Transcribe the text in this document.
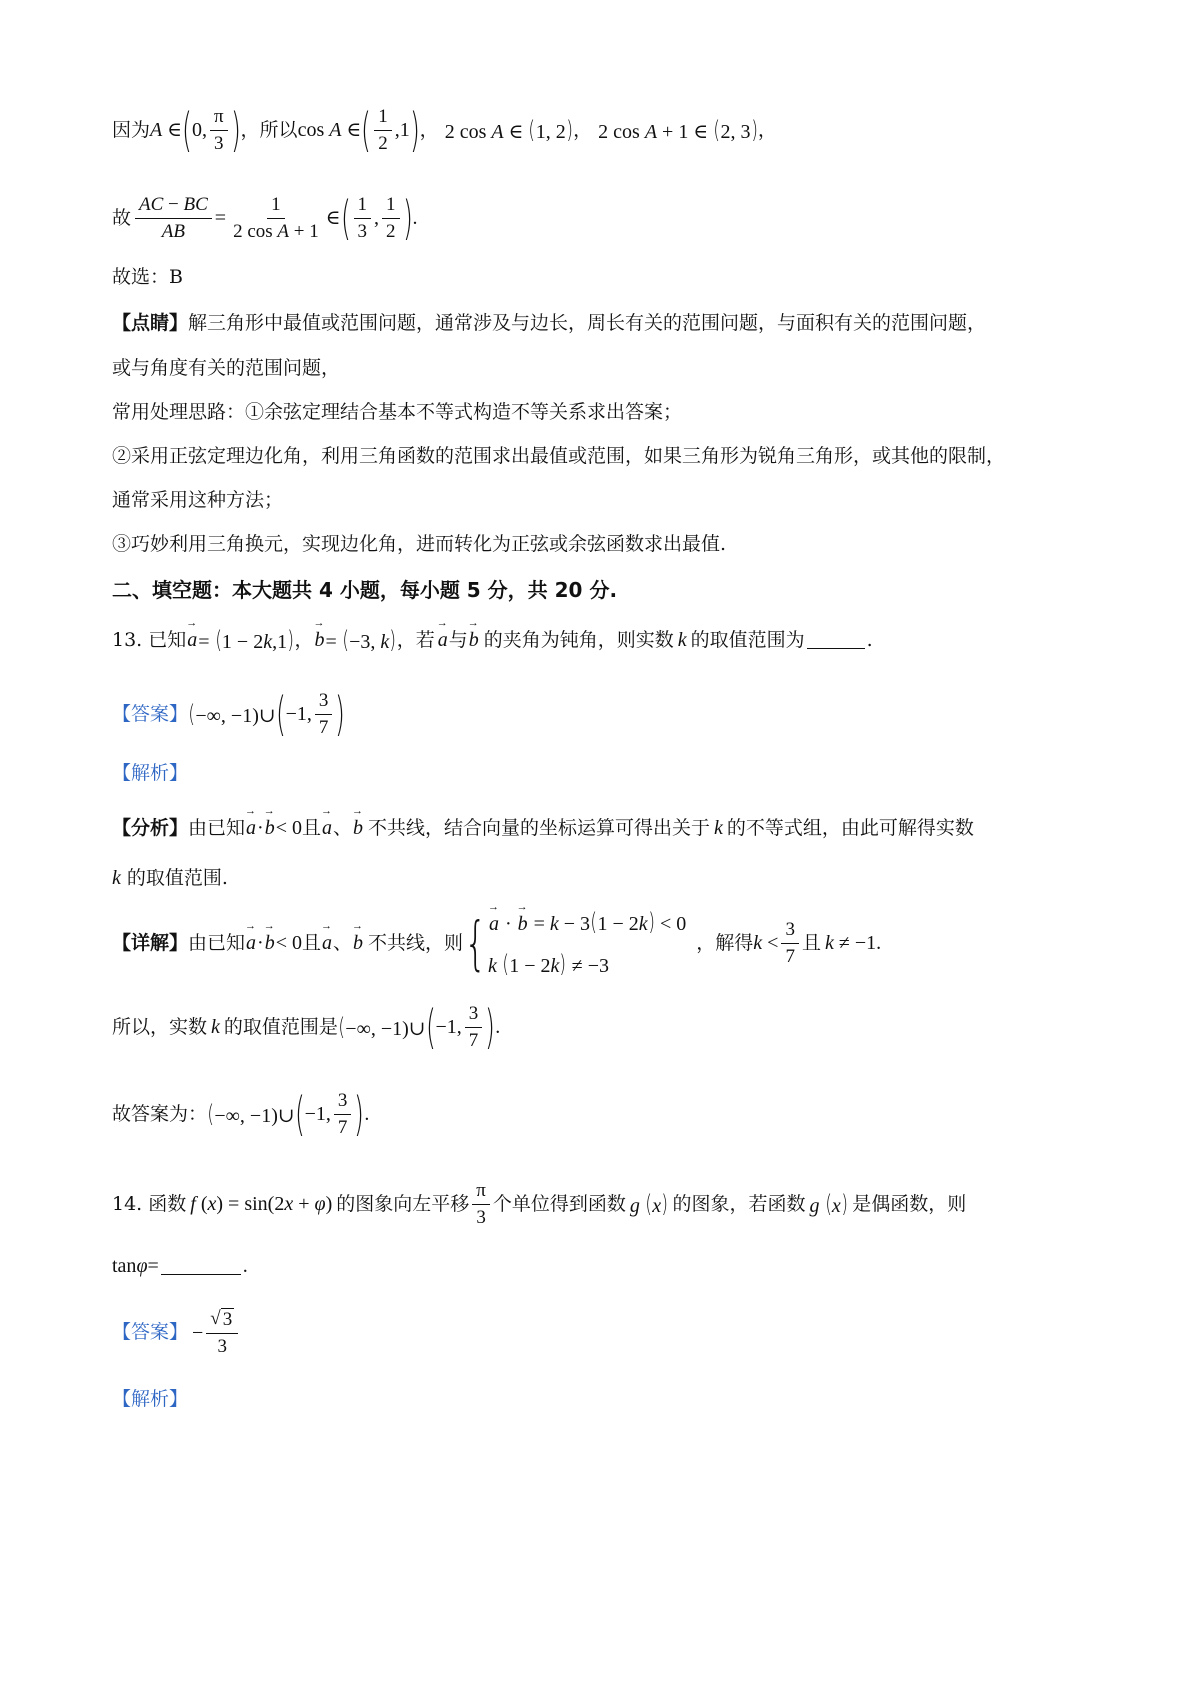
因为 A ∈ ( 0, $\frac{\pi}{3}$ ) ，所以 cos A ∈ ( $\frac{1}{2} ,1$ ) ， 2 cos A ∈ (1, 2) ， 2 cos A + 1 ∈ (2, 3) ，
故 $\frac{AC - BC}{AB} = \frac{1}{\text{2 cos A + 1}}$ ∈ ( $\frac{1}{3}$ , $\frac{1}{2}$ ) .
故选：B
【点睛】 解三角形中最值或范围问题，通常涉及与边长，周长有关的范围问题，与面积有关的范围问题，
或与角度有关的范围问题，
常用处理思路：①余弦定理结合基本不等式构造不等关系求出答案；
②采用正弦定理边化角，利用三角函数的范围求出最值或范围，如果三角形为锐角三角形，或其他的限制，
通常采用这种方法；
③巧妙利用三角换元，实现边化角，进而转化为正弦或余弦函数求出最值.
二、填空题：本大题共 4 小题，每小题 5 分，共 20 分.
13. 已知 → a = (1 − 2k,1) ， → b = (−3, k) ，若 → a 与 → b 的夹角为钝角，则实数 k 的取值范围为	.
【答案】 (−∞, −1)∪ ( −1, $\frac{3}{7}$ )
【解析】
【分析】 由已知 → a · → b < 0 且 → a 、 → b 不共线，结合向量的坐标运算可得出关于 k 的不等式组，由此可解得实数
k 的取值范围.
【详解】 由已知 → a · → b < 0 且 → a 、 → b 不共线，则 { → a · → b = k − 3(1 − 2k) < 0
k (1 − 2k) ≠ −3
，解得 $k < \frac{3}{7}$ 且 k ≠ −1.
所以，实数 k 的取值范围是 (−∞, −1)∪ ( −1, $\frac{3}{7}$ ) .
故答案为： (−∞, −1)∪ ( −1, $\frac{3}{7}$ ) .
14. 函数 f (x) = sin(2x + φ) 的图象向左平移 $\frac{\pi}{3}$ 个单位得到函数 g (x) 的图象，若函数 g (x) 是偶函数，则
tan φ =	.
【答案】 − $\frac{√ 3}{3}$
【解析】
